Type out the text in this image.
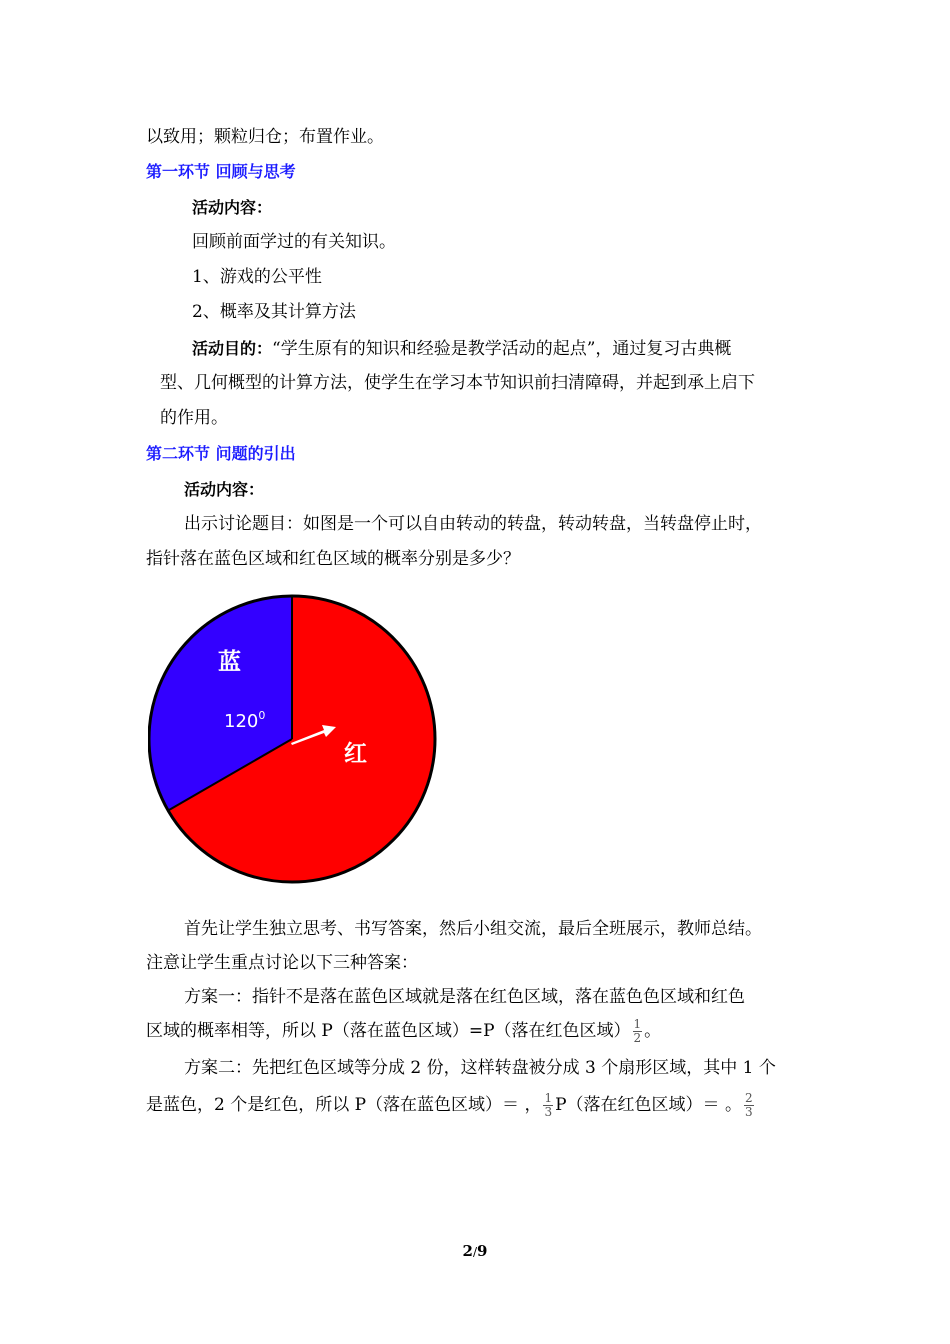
以致用；颗粒归仓；布置作业。
第一环节 回顾与思考
活动内容：
回顾前面学过的有关知识。
1、游戏的公平性
2、概率及其计算方法
活动目的：“学生原有的知识和经验是教学活动的起点”，通过复习古典概
型、几何概型的计算方法，使学生在学习本节知识前扫清障碍，并起到承上启下
的作用。
第二环节 问题的引出
活动内容：
出示讨论题目：如图是一个可以自由转动的转盘，转动转盘，当转盘停止时，
指针落在蓝色区域和红色区域的概率分别是多少？
蓝
$120^0$
红
首先让学生独立思考、书写答案，然后小组交流，最后全班展示，教师总结。
注意让学生重点讨论以下三种答案：
方案一：指针不是落在蓝色区域就是落在红色区域，落在蓝色色区域和红色
区域的概率相等，所以 P（落在蓝色区域）=P（落在红色区域） $\frac{1}{2}$ 。
方案二：先把红色区域等分成 2 份，这样转盘被分成 3 个扇形区域，其中 1 个
是蓝色，2 个是红色，所以 P（落在蓝色区域）＝ ， $\frac{1}{3} P$（落在红色区域）＝ 。 $\frac{2}{3}$
2/9
